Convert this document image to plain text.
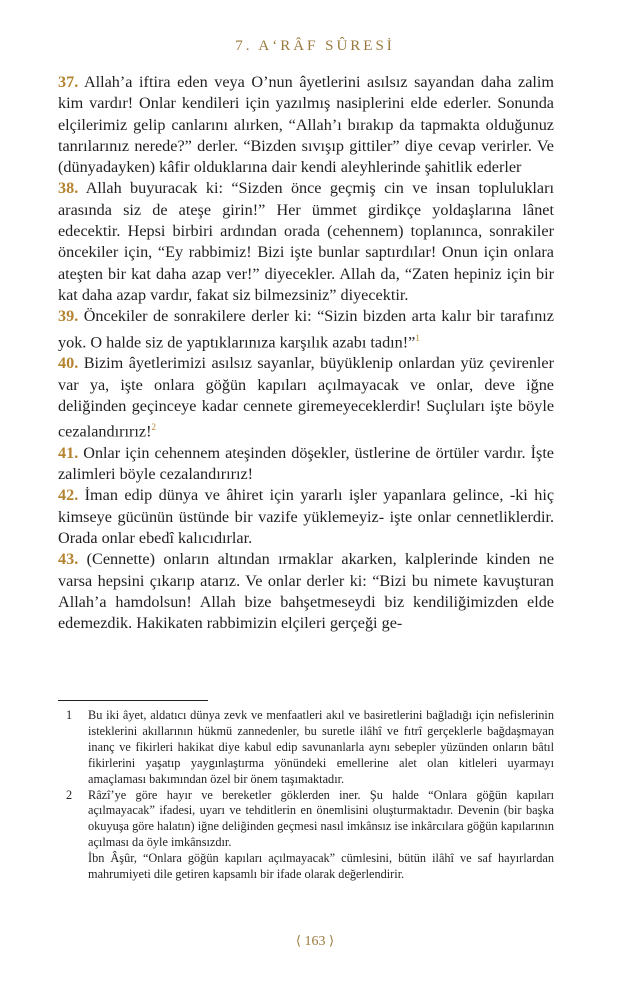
7. A‘RÂF SÛRESİ

37. Allah’a iftira eden veya O’nun âyetlerini asılsız sayandan daha zalim kim vardır! Onlar kendileri için yazılmış nasiplerini elde ederler. Sonunda elçilerimiz gelip canlarını alırken, “Allah’ı bırakıp da tapmakta olduğunuz tanrılarınız nerede?” derler. “Bizden sıvışıp gittiler” diye cevap verirler. Ve (dünyadayken) kâfir olduklarına dair kendi aleyhlerinde şahitlik ederler

38. Allah buyuracak ki: “Sizden önce geçmiş cin ve insan toplulukları arasında siz de ateşe girin!” Her ümmet girdikçe yoldaşlarına lânet edecektir. Hepsi birbiri ardından orada (cehennem) toplanınca, sonrakiler öncekiler için, “Ey rabbimiz! Bizi işte bunlar saptırdılar! Onun için onlara ateşten bir kat daha azap ver!” diyecekler. Allah da, “Zaten hepiniz için bir kat daha azap vardır, fakat siz bilmezsiniz” diyecektir.

39. Öncekiler de sonrakilere derler ki: “Sizin bizden arta kalır bir tarafınız yok. O halde siz de yaptıklarınıza karşılık azabı tadın!”$^1$

40. Bizim âyetlerimizi asılsız sayanlar, büyüklenip onlardan yüz çevirenler var ya, işte onlara göğün kapıları açılmayacak ve onlar, deve iğne deliğinden geçinceye kadar cennete giremeyeceklerdir! Suçluları işte böyle cezalandırırız!$^2$

41. Onlar için cehennem ateşinden döşekler, üstlerine de örtüler vardır. İşte zalimleri böyle cezalandırırız!

42. İman edip dünya ve âhiret için yararlı işler yapanlara gelince, -ki hiç kimseye gücünün üstünde bir vazife yüklemeyiz- işte onlar cennetliklerdir. Orada onlar ebedî kalıcıdırlar.

43. (Cennette) onların altından ırmaklar akarken, kalplerinde kinden ne varsa hepsini çıkarıp atarız. Ve onlar derler ki: “Bizi bu nimete kavuşturan Allah’a hamdolsun! Allah bize bahşetmeseydi biz kendiliğimizden elde edemezdik. Hakikaten rabbimizin elçileri gerçeği ge-

1	Bu iki âyet, aldatıcı dünya zevk ve menfaatleri akıl ve basiretlerini bağladığı için nefislerinin isteklerini akıllarının hükmü zannedenler, bu suretle ilâhî ve fıtrî gerçeklerle bağdaşmayan inanç ve fikirleri hakikat diye kabul edip savunanlarla aynı sebepler yüzünden onların bâtıl fikirlerini yaşatıp yaygınlaştırma yönündeki emellerine alet olan kitleleri uyarmayı amaçlaması bakımından özel bir önem taşımaktadır.

2	Râzî’ye göre hayır ve bereketler göklerden iner. Şu halde “Onlara göğün kapıları açılmayacak” ifadesi, uyarı ve tehditlerin en önemlisini oluşturmaktadır. Devenin (bir başka okuyuşa göre halatın) iğne deliğinden geçmesi nasıl imkânsız ise inkârcılara göğün kapılarının açılması da öyle imkânsızdır.

İbn Âşûr, “Onlara göğün kapıları açılmayacak” cümlesini, bütün ilâhî ve saf hayırlardan mahrumiyeti dile getiren kapsamlı bir ifade olarak değerlendirir.

⟨ 163 ⟩
